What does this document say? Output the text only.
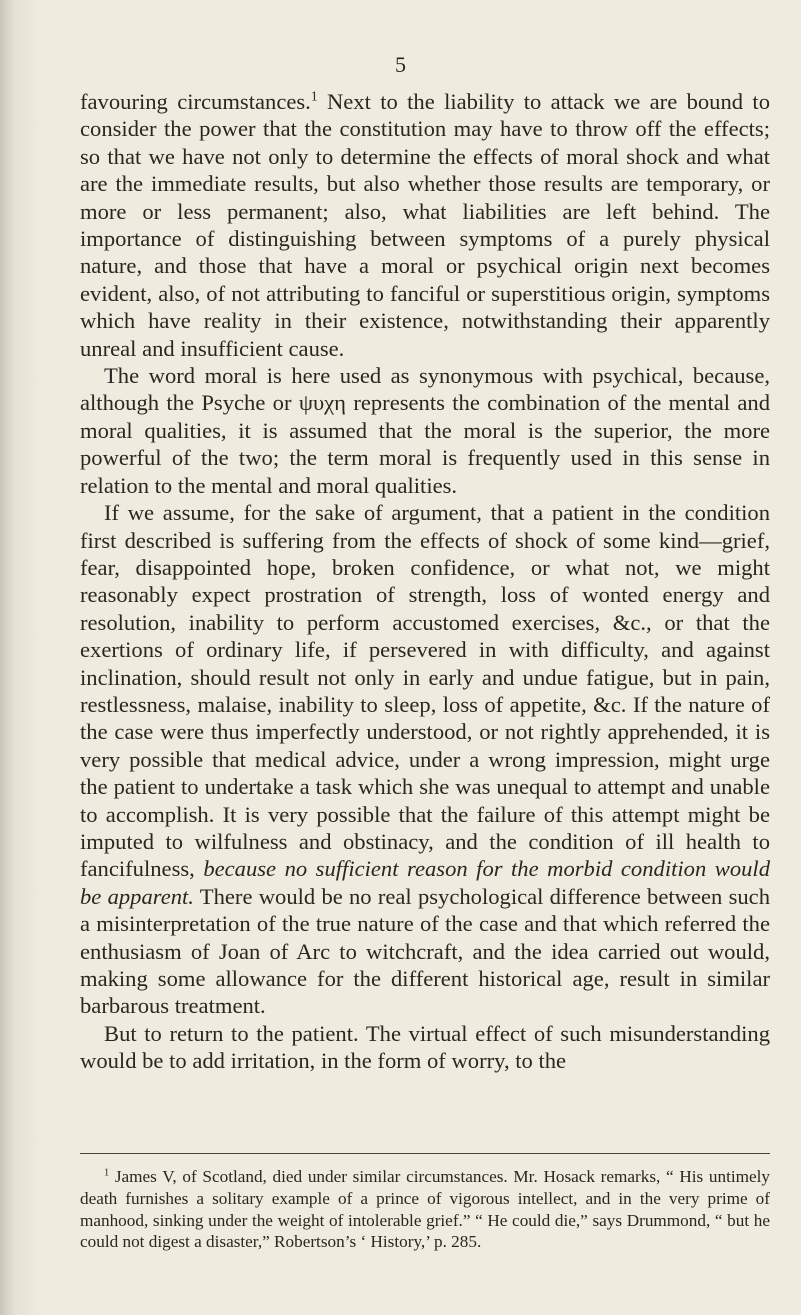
5

favouring circumstances.$^1$ Next to the liability to attack we are bound to consider the power that the constitution may have to throw off the effects; so that we have not only to determine the effects of moral shock and what are the immediate results, but also whether those results are temporary, or more or less permanent; also, what liabilities are left behind. The importance of distinguishing between symptoms of a purely physical nature, and those that have a moral or psychical origin next becomes evident, also, of not attributing to fanciful or superstitious origin, symptoms which have reality in their existence, notwithstanding their apparently unreal and insufficient cause.

The word moral is here used as synonymous with psychical, because, although the Psyche or ψυχη represents the combination of the mental and moral qualities, it is assumed that the moral is the superior, the more powerful of the two; the term moral is frequently used in this sense in relation to the mental and moral qualities.

If we assume, for the sake of argument, that a patient in the condition first described is suffering from the effects of shock of some kind—grief, fear, disappointed hope, broken confidence, or what not, we might reasonably expect prostration of strength, loss of wonted energy and resolution, inability to perform accustomed exercises, &c., or that the exertions of ordinary life, if persevered in with difficulty, and against inclination, should result not only in early and undue fatigue, but in pain, restlessness, malaise, inability to sleep, loss of appetite, &c. If the nature of the case were thus imperfectly understood, or not rightly apprehended, it is very possible that medical advice, under a wrong impression, might urge the patient to undertake a task which she was unequal to attempt and unable to accomplish. It is very possible that the failure of this attempt might be imputed to wilfulness and obstinacy, and the condition of ill health to fancifulness, because no sufficient reason for the morbid condition would be apparent. There would be no real psychological difference between such a misinterpretation of the true nature of the case and that which referred the enthusiasm of Joan of Arc to witchcraft, and the idea carried out would, making some allowance for the different historical age, result in similar barbarous treatment.

But to return to the patient. The virtual effect of such misunderstanding would be to add irritation, in the form of worry, to the

$^1$ James V, of Scotland, died under similar circumstances. Mr. Hosack remarks, “ His untimely death furnishes a solitary example of a prince of vigorous intellect, and in the very prime of manhood, sinking under the weight of intolerable grief.” “ He could die,” says Drummond, “ but he could not digest a disaster,” Robertson’s ‘ History,’ p. 285.
